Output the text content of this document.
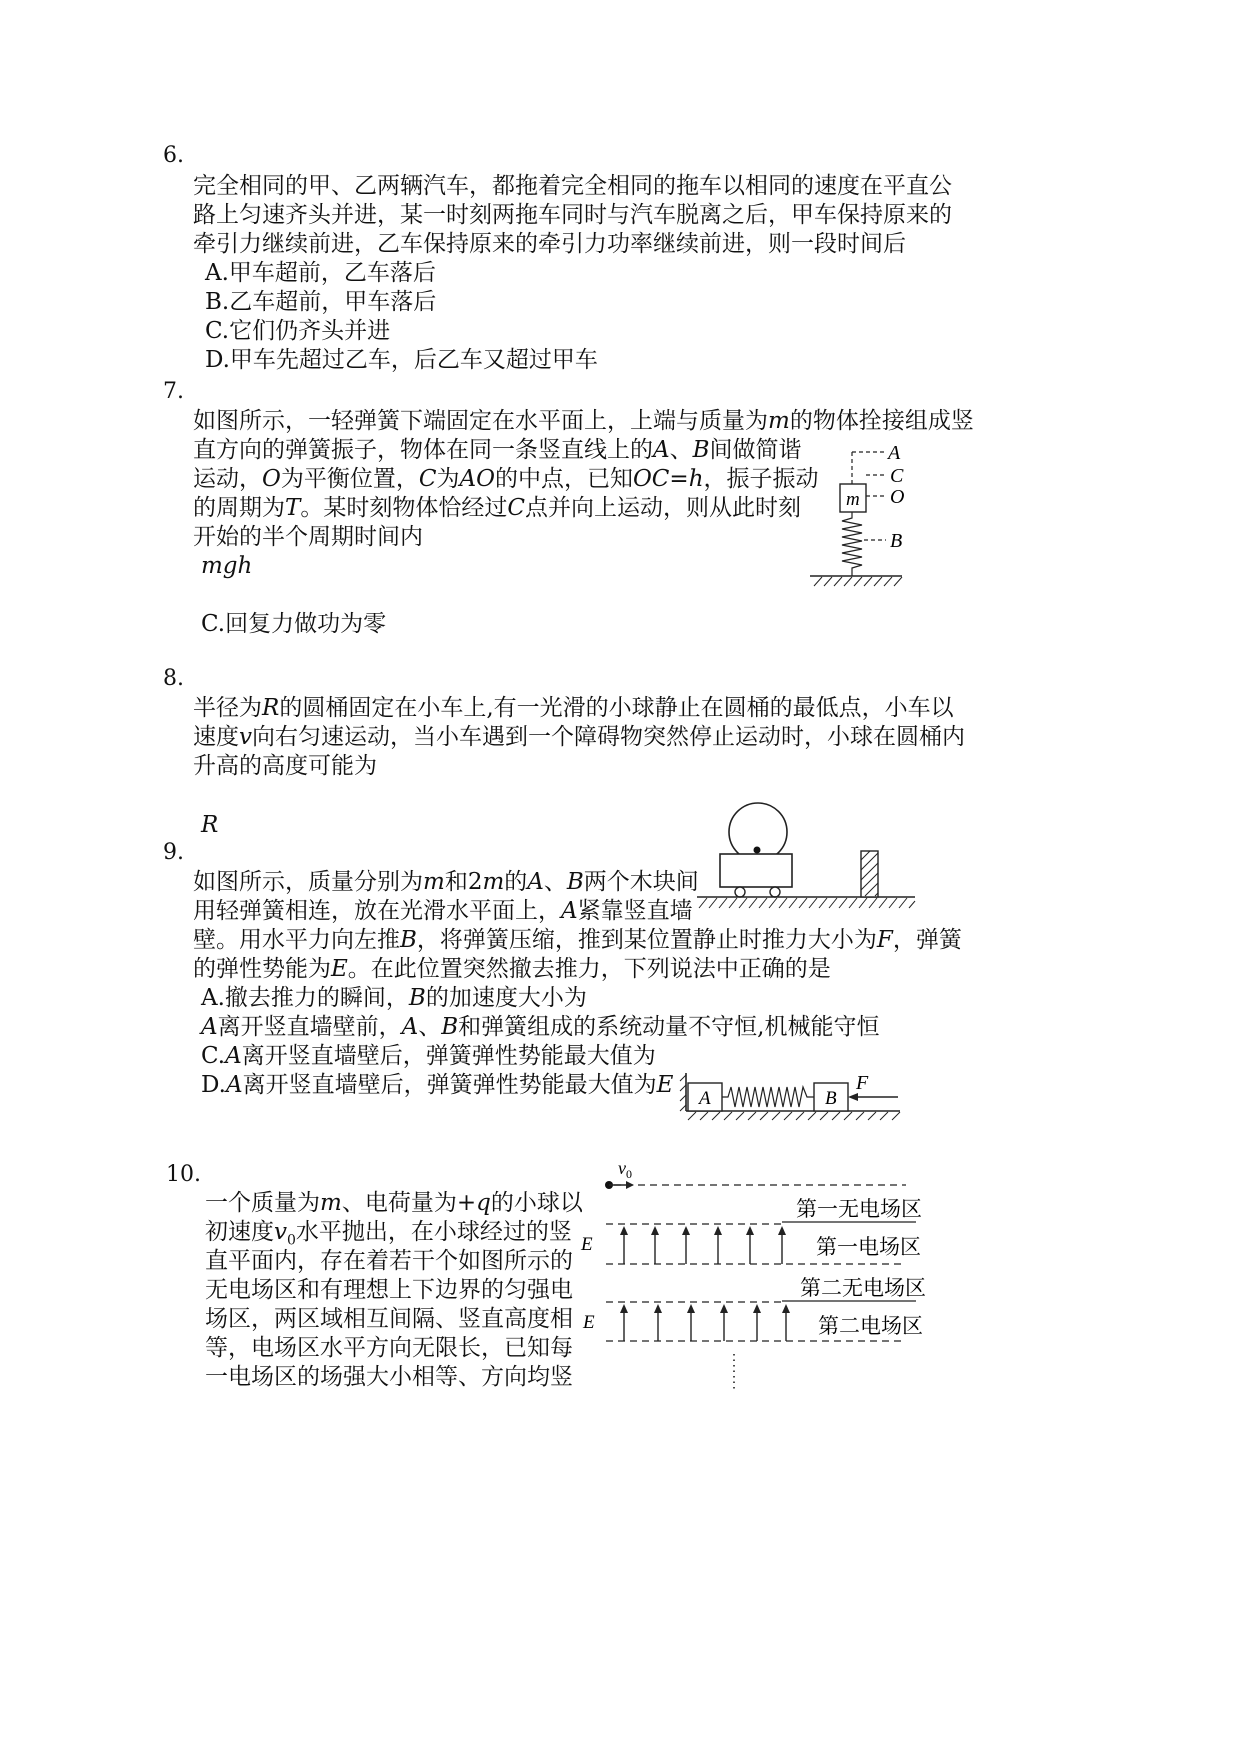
6.
完全相同的甲、乙两辆汽车，都拖着完全相同的拖车以相同的速度在平直公
路上匀速齐头并进，某一时刻两拖车同时与汽车脱离之后，甲车保持原来的
牵引力继续前进，乙车保持原来的牵引力功率继续前进，则一段时间后
A.甲车超前，乙车落后
B.乙车超前，甲车落后
C.它们仍齐头并进
D.甲车先超过乙车，后乙车又超过甲车
7.
如图所示，一轻弹簧下端固定在水平面上，上端与质量为m的物体拴接组成竖
直方向的弹簧振子，物体在同一条竖直线上的A、B间做简谐
运动，O为平衡位置，C为AO的中点，已知OC=h，振子振动
的周期为T。某时刻物体恰经过C点并向上运动，则从此时刻
开始的半个周期时间内
mgh
C.回复力做功为零
m
A
C
O
B
8.
半径为R的圆桶固定在小车上,有一光滑的小球静止在圆桶的最低点，小车以
速度v向右匀速运动，当小车遇到一个障碍物突然停止运动时，小球在圆桶内
升高的高度可能为
R
9.
如图所示，质量分别为m和2m的A、B两个木块间
用轻弹簧相连，放在光滑水平面上，A紧靠竖直墙
壁。用水平力向左推B，将弹簧压缩，推到某位置静止时推力大小为F，弹簧
的弹性势能为E。在此位置突然撤去推力，下列说法中正确的是
A.撤去推力的瞬间，B的加速度大小为
A离开竖直墙壁前，A、B和弹簧组成的系统动量不守恒,机械能守恒
C.A离开竖直墙壁后，弹簧弹性势能最大值为
D.A离开竖直墙壁后，弹簧弹性势能最大值为E
A	B
F
10.
一个质量为m、电荷量为+q的小球以
初速度$v_0$水平抛出，在小球经过的竖
直平面内，存在着若干个如图所示的
无电场区和有理想上下边界的匀强电
场区，两区域相互间隔、竖直高度相
等，电场区水平方向无限长，已知每
一电场区的场强大小相等、方向均竖
$v_0$
第一无电场区
E	第一电场区
第二无电场区
E	第二电场区
